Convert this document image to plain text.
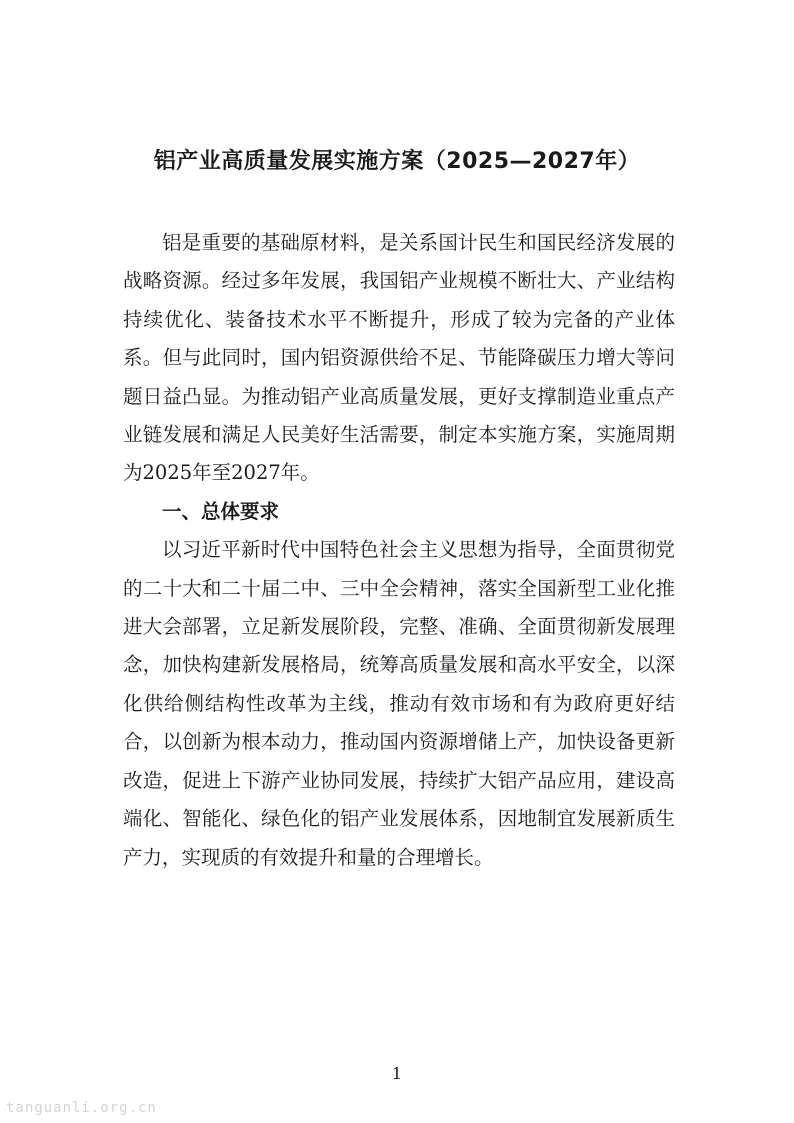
铝产业高质量发展实施方案（2025—2027年）

铝是重要的基础原材料，是关系国计民生和国民经济发展的战略资源。经过多年发展，我国铝产业规模不断壮大、产业结构持续优化、装备技术水平不断提升，形成了较为完备的产业体系。但与此同时，国内铝资源供给不足、节能降碳压力增大等问题日益凸显。为推动铝产业高质量发展，更好支撑制造业重点产业链发展和满足人民美好生活需要，制定本实施方案，实施周期为2025年至2027年。

一、总体要求

以习近平新时代中国特色社会主义思想为指导，全面贯彻党的二十大和二十届二中、三中全会精神，落实全国新型工业化推进大会部署，立足新发展阶段，完整、准确、全面贯彻新发展理念，加快构建新发展格局，统筹高质量发展和高水平安全，以深化供给侧结构性改革为主线，推动有效市场和有为政府更好结合，以创新为根本动力，推动国内资源增储上产，加快设备更新改造，促进上下游产业协同发展，持续扩大铝产品应用，建设高端化、智能化、绿色化的铝产业发展体系，因地制宜发展新质生产力，实现质的有效提升和量的合理增长。

1
tanguanli.org.cn
